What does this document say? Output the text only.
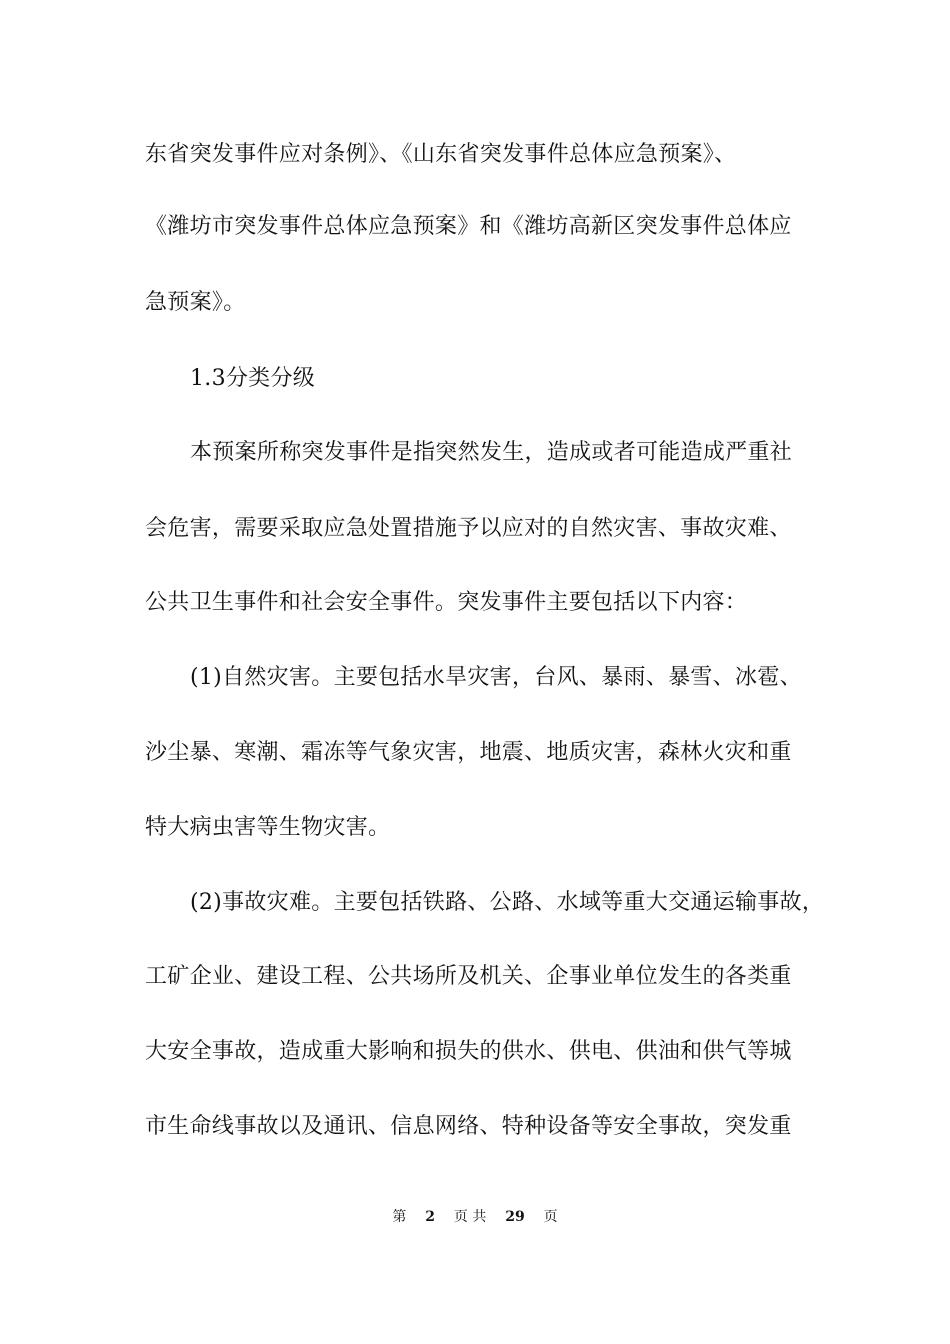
东省突发事件应对条例》、《山东省突发事件总体应急预案》、
《潍坊市突发事件总体应急预案》和《潍坊高新区突发事件总体应
急预案》。
1.3分类分级
本预案所称突发事件是指突然发生，造成或者可能造成严重社
会危害，需要采取应急处置措施予以应对的自然灾害、事故灾难、
公共卫生事件和社会安全事件。突发事件主要包括以下内容：
(1)自然灾害。主要包括水旱灾害，台风、暴雨、暴雪、冰雹、
沙尘暴、寒潮、霜冻等气象灾害，地震、地质灾害，森林火灾和重
特大病虫害等生物灾害。
(2)事故灾难。主要包括铁路、公路、水域等重大交通运输事故，
工矿企业、建设工程、公共场所及机关、企事业单位发生的各类重
大安全事故，造成重大影响和损失的供水、供电、供油和供气等城
市生命线事故以及通讯、信息网络、特种设备等安全事故，突发重
第 2 页 共 29 页
